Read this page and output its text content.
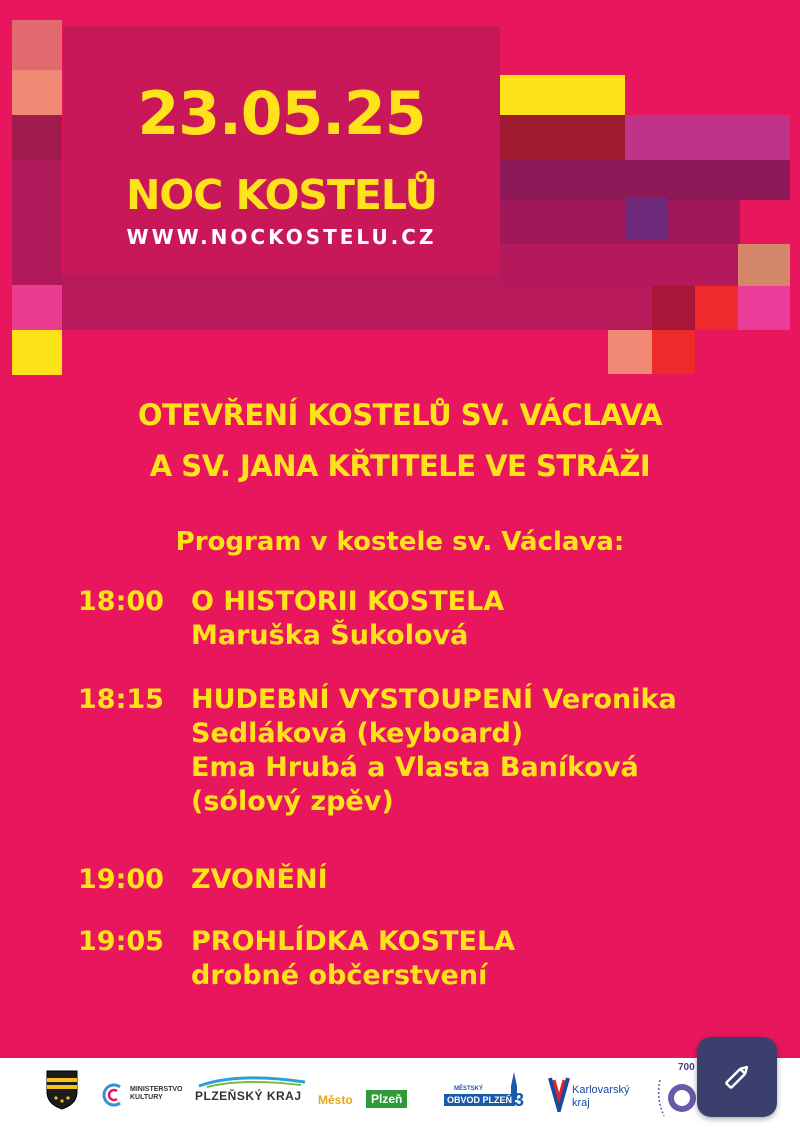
23.05.25
NOC KOSTELŮ
WWW.NOCKOSTELU.CZ
OTEVŘENÍ KOSTELŮ SV. VÁCLAVA
A SV. JANA KŘTITELE VE STRÁŽI
Program v kostele sv. Václava:
18:00	O HISTORII KOSTELA
Maruška Šukolová
18:15	HUDEBNÍ VYSTOUPENÍ Veronika
Sedláková (keyboard)
Ema Hrubá a Vlasta Baníková
(sólový zpěv)
19:00	ZVONĚNÍ
19:05	PROHLÍDKA KOSTELA
drobné občerstvení
MINISTERSTVO
KULTURY	PLZEŇSKÝ KRAJ Město	Plzeň
MĚSTSKÝ
OBVOD PLZEŇ 3	Karlovarský
kraj
700
